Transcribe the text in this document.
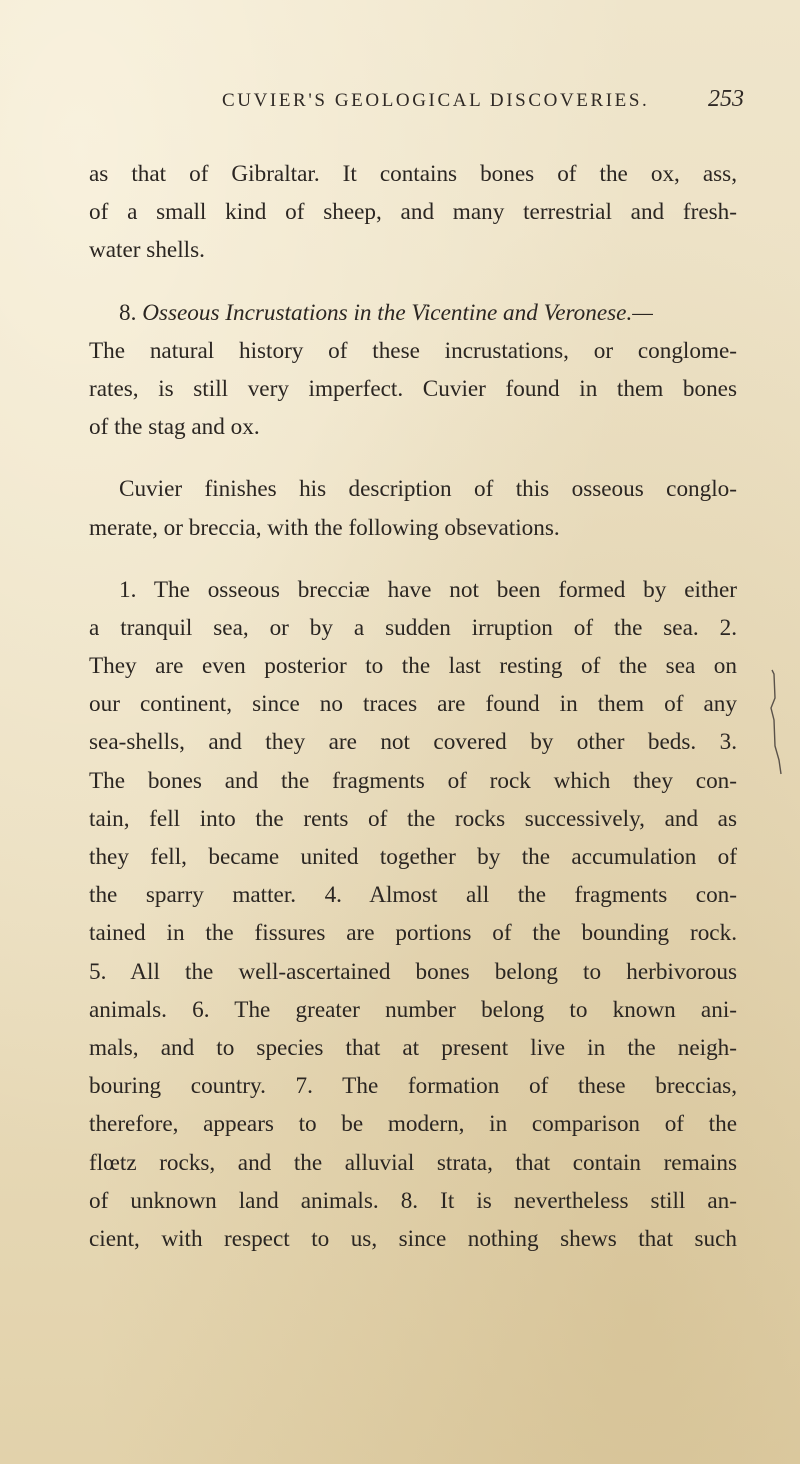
CUVIER'S GEOLOGICAL DISCOVERIES. 253
as that of Gibraltar. It contains bones of the ox, ass,
of a small kind of sheep, and many terrestrial and fresh-
water shells.
8. Osseous Incrustations in the Vicentine and Veronese.—
The natural history of these incrustations, or conglome-
rates, is still very imperfect. Cuvier found in them bones
of the stag and ox.
Cuvier finishes his description of this osseous conglo-
merate, or breccia, with the following obsevations.
1. The osseous brecciæ have not been formed by either
a tranquil sea, or by a sudden irruption of the sea. 2.
They are even posterior to the last resting of the sea on
our continent, since no traces are found in them of any
sea-shells, and they are not covered by other beds. 3.
The bones and the fragments of rock which they con-
tain, fell into the rents of the rocks successively, and as
they fell, became united together by the accumulation of
the sparry matter. 4. Almost all the fragments con-
tained in the fissures are portions of the bounding rock.
5. All the well-ascertained bones belong to herbivorous
animals. 6. The greater number belong to known ani-
mals, and to species that at present live in the neigh-
bouring country. 7. The formation of these breccias,
therefore, appears to be modern, in comparison of the
flœtz rocks, and the alluvial strata, that contain remains
of unknown land animals. 8. It is nevertheless still an-
cient, with respect to us, since nothing shews that such
